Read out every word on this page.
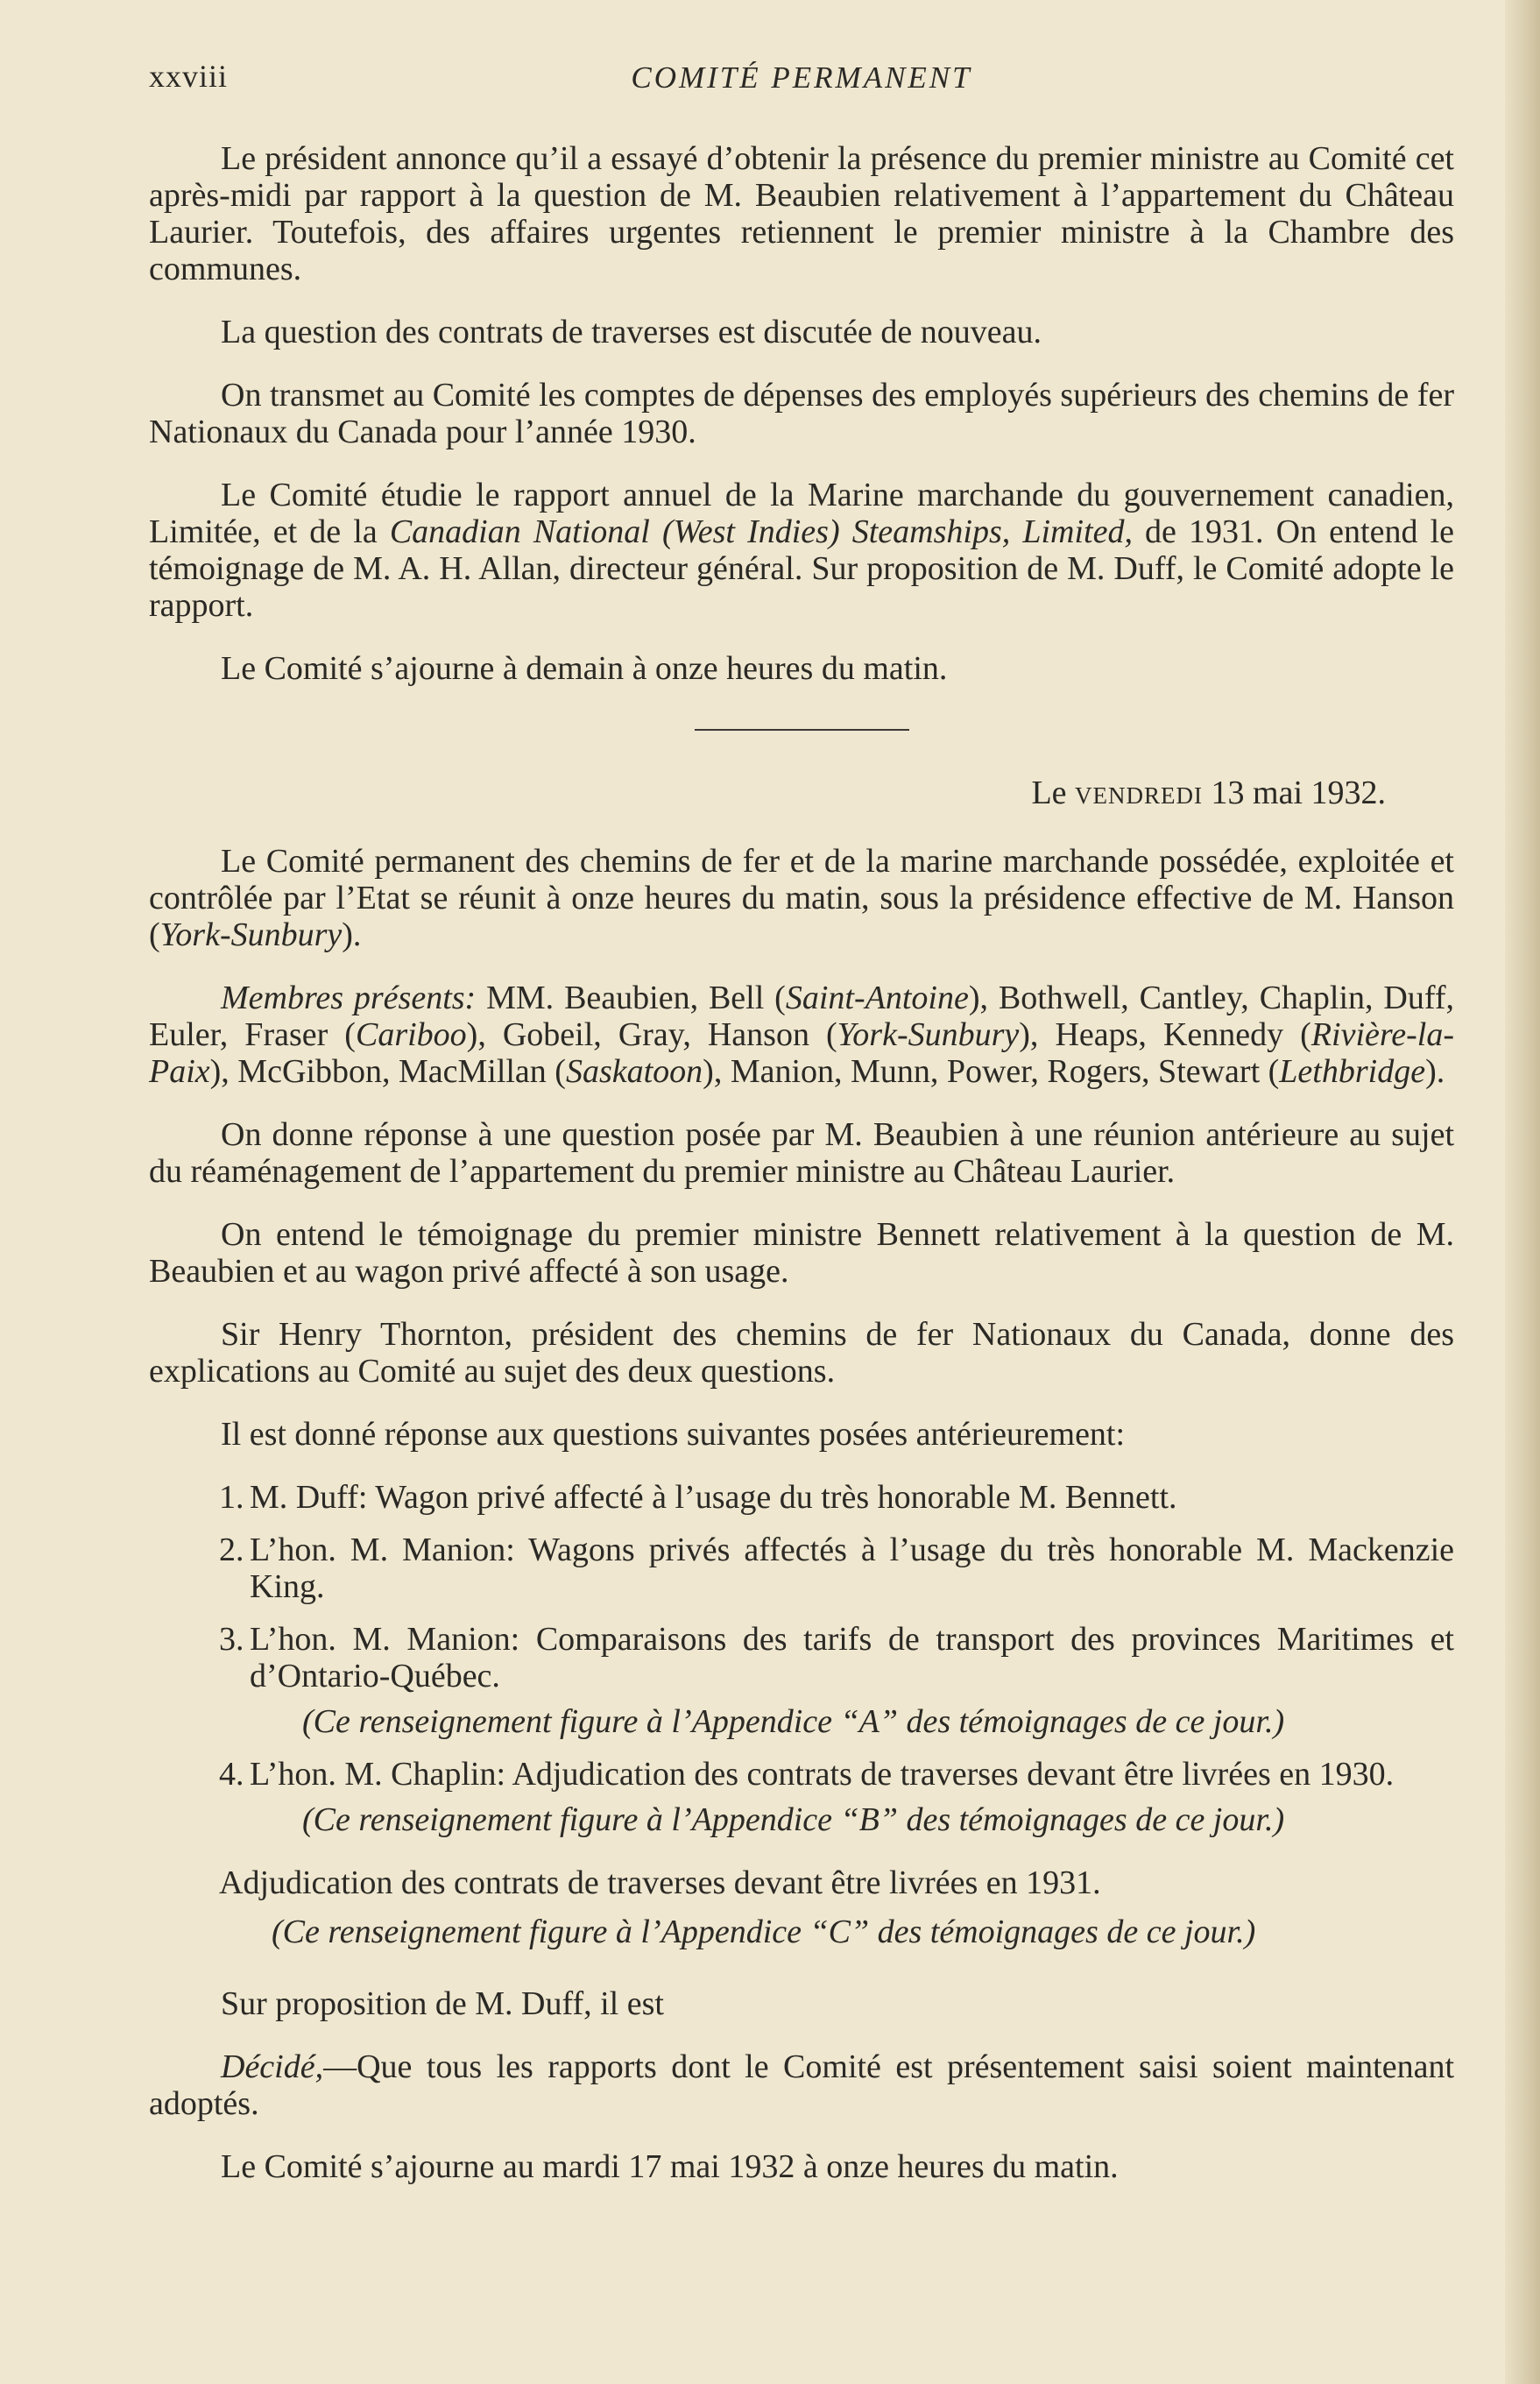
xxviii	COMITÉ PERMANENT

Le président annonce qu’il a essayé d’obtenir la présence du premier ministre au Comité cet après-midi par rapport à la question de M. Beaubien relativement à l’appartement du Château Laurier. Toutefois, des affaires urgentes retiennent le premier ministre à la Chambre des communes.

La question des contrats de traverses est discutée de nouveau.

On transmet au Comité les comptes de dépenses des employés supérieurs des chemins de fer Nationaux du Canada pour l’année 1930.

Le Comité étudie le rapport annuel de la Marine marchande du gouvernement canadien, Limitée, et de la Canadian National (West Indies) Steamships, Limited, de 1931. On entend le témoignage de M. A. H. Allan, directeur général. Sur proposition de M. Duff, le Comité adopte le rapport.

Le Comité s’ajourne à demain à onze heures du matin.

Le vendredi 13 mai 1932.

Le Comité permanent des chemins de fer et de la marine marchande possédée, exploitée et contrôlée par l’Etat se réunit à onze heures du matin, sous la présidence effective de M. Hanson (York-Sunbury).

Membres présents: MM. Beaubien, Bell (Saint-Antoine), Bothwell, Cantley, Chaplin, Duff, Euler, Fraser (Cariboo), Gobeil, Gray, Hanson (York-Sunbury), Heaps, Kennedy (Rivière-la-Paix), McGibbon, MacMillan (Saskatoon), Manion, Munn, Power, Rogers, Stewart (Lethbridge).

On donne réponse à une question posée par M. Beaubien à une réunion antérieure au sujet du réaménagement de l’appartement du premier ministre au Château Laurier.

On entend le témoignage du premier ministre Bennett relativement à la question de M. Beaubien et au wagon privé affecté à son usage.

Sir Henry Thornton, président des chemins de fer Nationaux du Canada, donne des explications au Comité au sujet des deux questions.

Il est donné réponse aux questions suivantes posées antérieurement:

1. M. Duff: Wagon privé affecté à l’usage du très honorable M. Bennett.
2. L’hon. M. Manion: Wagons privés affectés à l’usage du très honorable M. Mackenzie King.
3. L’hon. M. Manion: Comparaisons des tarifs de transport des provinces Maritimes et d’Ontario-Québec.
(Ce renseignement figure à l’Appendice “A” des témoignages de ce jour.)
4. L’hon. M. Chaplin: Adjudication des contrats de traverses devant être livrées en 1930.
(Ce renseignement figure à l’Appendice “B” des témoignages de ce jour.)
Adjudication des contrats de traverses devant être livrées en 1931.
(Ce renseignement figure à l’Appendice “C” des témoignages de ce jour.)

Sur proposition de M. Duff, il est

Décidé,—Que tous les rapports dont le Comité est présentement saisi soient maintenant adoptés.

Le Comité s’ajourne au mardi 17 mai 1932 à onze heures du matin.
